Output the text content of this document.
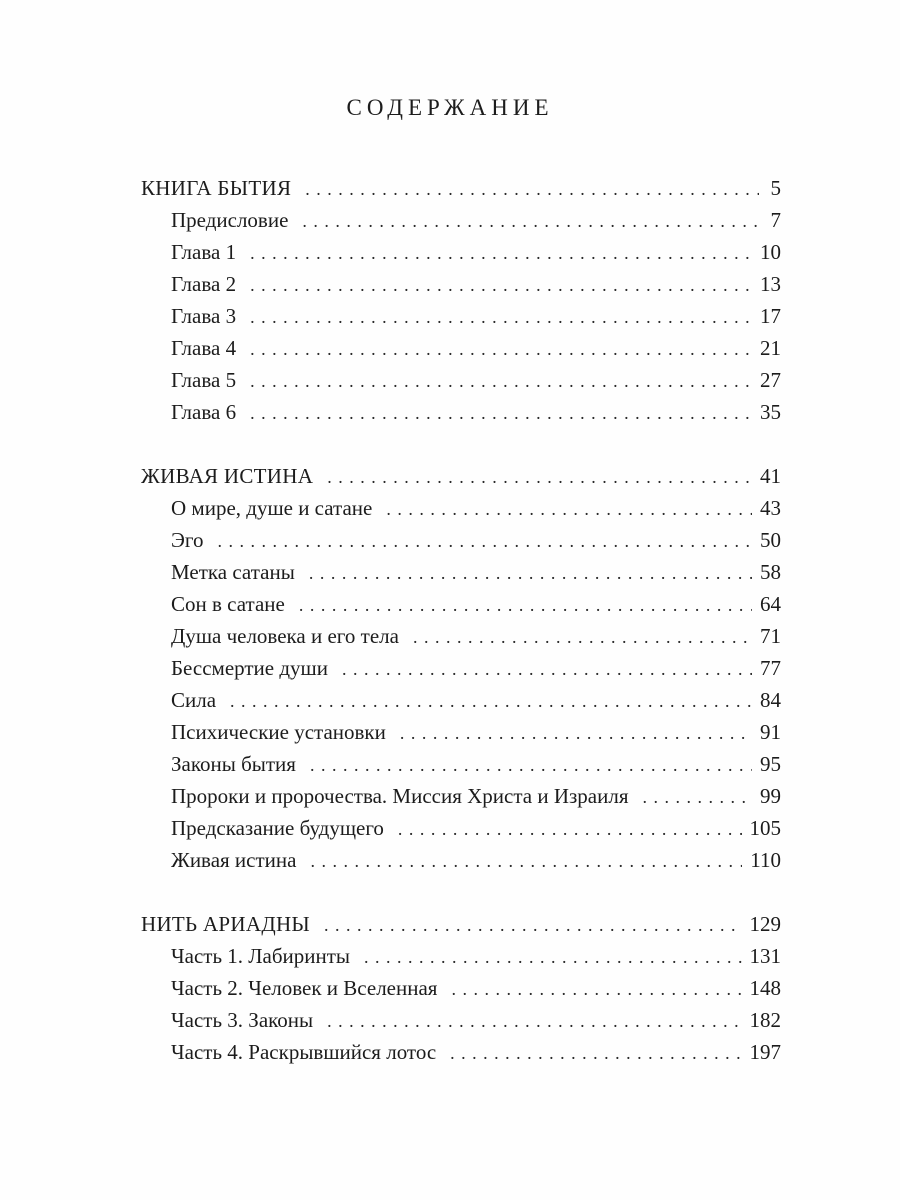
СОДЕРЖАНИЕ
КНИГА БЫТИЯ . . .	5
Предисловие . . .	7
Глава 1 . . .	10
Глава 2 . . .	13
Глава 3 . . .	17
Глава 4 . . .	21
Глава 5 . . .	27
Глава 6 . . .	35
ЖИВАЯ ИСТИНА . . .	41
О мире, душе и сатане . . .	43
Эго . . .	50
Метка сатаны . . .	58
Сон в сатане . . .	64
Душа человека и его тела . . .	71
Бессмертие души . . .	77
Сила . . .	84
Психические установки . . .	91
Законы бытия . . .	95
Пророки и пророчества. Миссия Христа и Израиля . . .	99
Предсказание будущего . . .	105
Живая истина . . .	110
НИТЬ АРИАДНЫ . . .	129
Часть 1. Лабиринты . . .	131
Часть 2. Человек и Вселенная . . .	148
Часть 3. Законы . . .	182
Часть 4. Раскрывшийся лотос . . .	197
